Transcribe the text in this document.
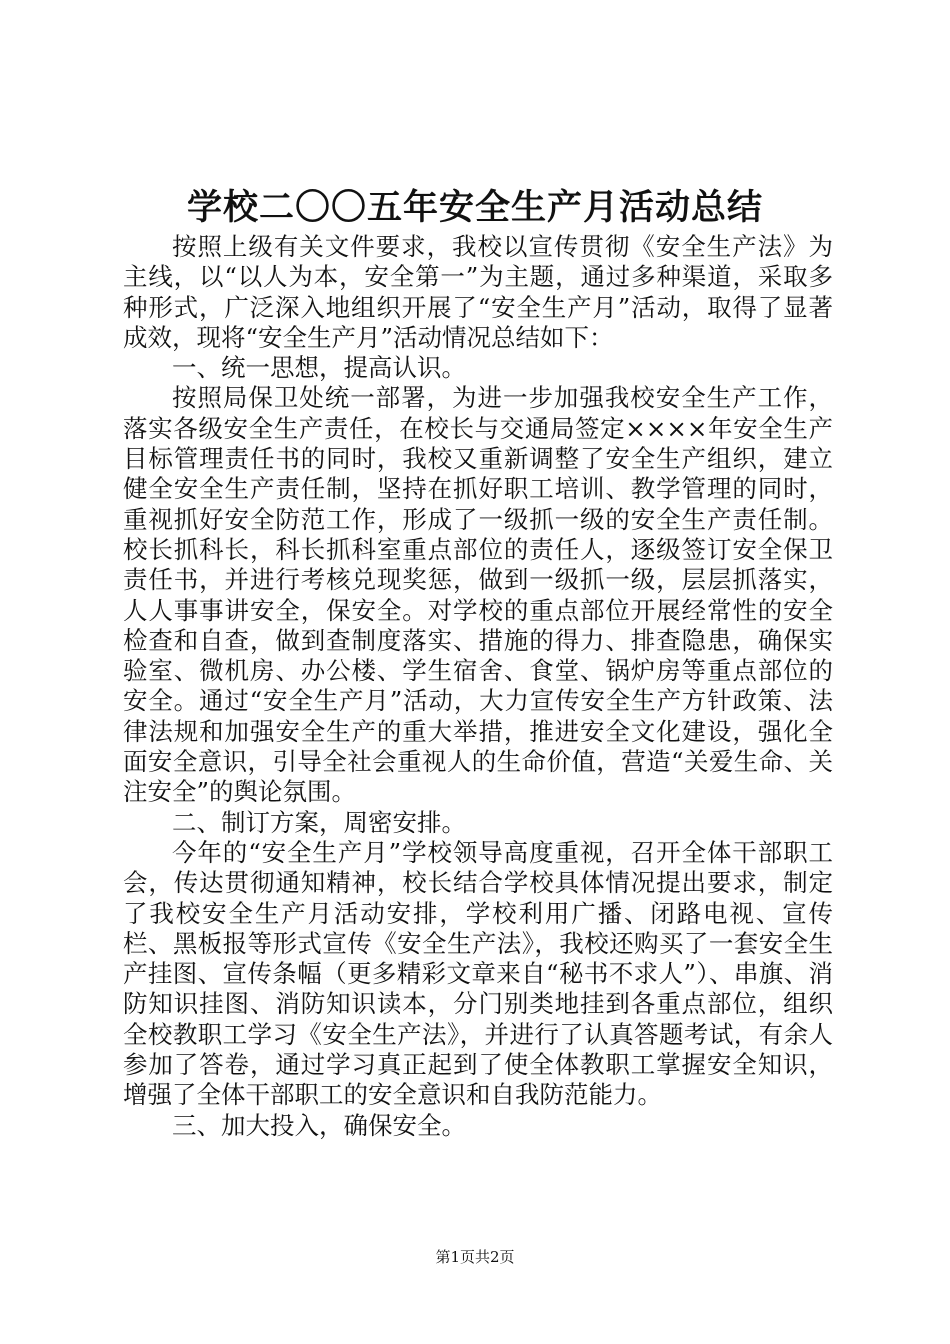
学校二〇〇五年安全生产月活动总结

按照上级有关文件要求，我校以宣传贯彻《安全生产法》为主线，以“以人为本，安全第一”为主题，通过多种渠道，采取多种形式，广泛深入地组织开展了“安全生产月”活动，取得了显著成效，现将“安全生产月”活动情况总结如下：

一、统一思想，提高认识。

按照局保卫处统一部署，为进一步加强我校安全生产工作，落实各级安全生产责任，在校长与交通局签定××××年安全生产目标管理责任书的同时，我校又重新调整了安全生产组织，建立健全安全生产责任制，坚持在抓好职工培训、教学管理的同时，重视抓好安全防范工作，形成了一级抓一级的安全生产责任制。校长抓科长，科长抓科室重点部位的责任人，逐级签订安全保卫责任书，并进行考核兑现奖惩，做到一级抓一级，层层抓落实，人人事事讲安全，保安全。对学校的重点部位开展经常性的安全检查和自查，做到查制度落实、措施的得力、排查隐患，确保实验室、微机房、办公楼、学生宿舍、食堂、锅炉房等重点部位的安全。通过“安全生产月”活动，大力宣传安全生产方针政策、法律法规和加强安全生产的重大举措，推进安全文化建设，强化全面安全意识，引导全社会重视人的生命价值，营造“关爱生命、关注安全”的舆论氛围。

二、制订方案，周密安排。

今年的“安全生产月”学校领导高度重视，召开全体干部职工会，传达贯彻通知精神，校长结合学校具体情况提出要求，制定了我校安全生产月活动安排，学校利用广播、闭路电视、宣传栏、黑板报等形式宣传《安全生产法》，我校还购买了一套安全生产挂图、宣传条幅（更多精彩文章来自“秘书不求人”）、串旗、消防知识挂图、消防知识读本，分门别类地挂到各重点部位，组织全校教职工学习《安全生产法》，并进行了认真答题考试，有余人参加了答卷，通过学习真正起到了使全体教职工掌握安全知识，增强了全体干部职工的安全意识和自我防范能力。

三、加大投入，确保安全。

第1页共2页
